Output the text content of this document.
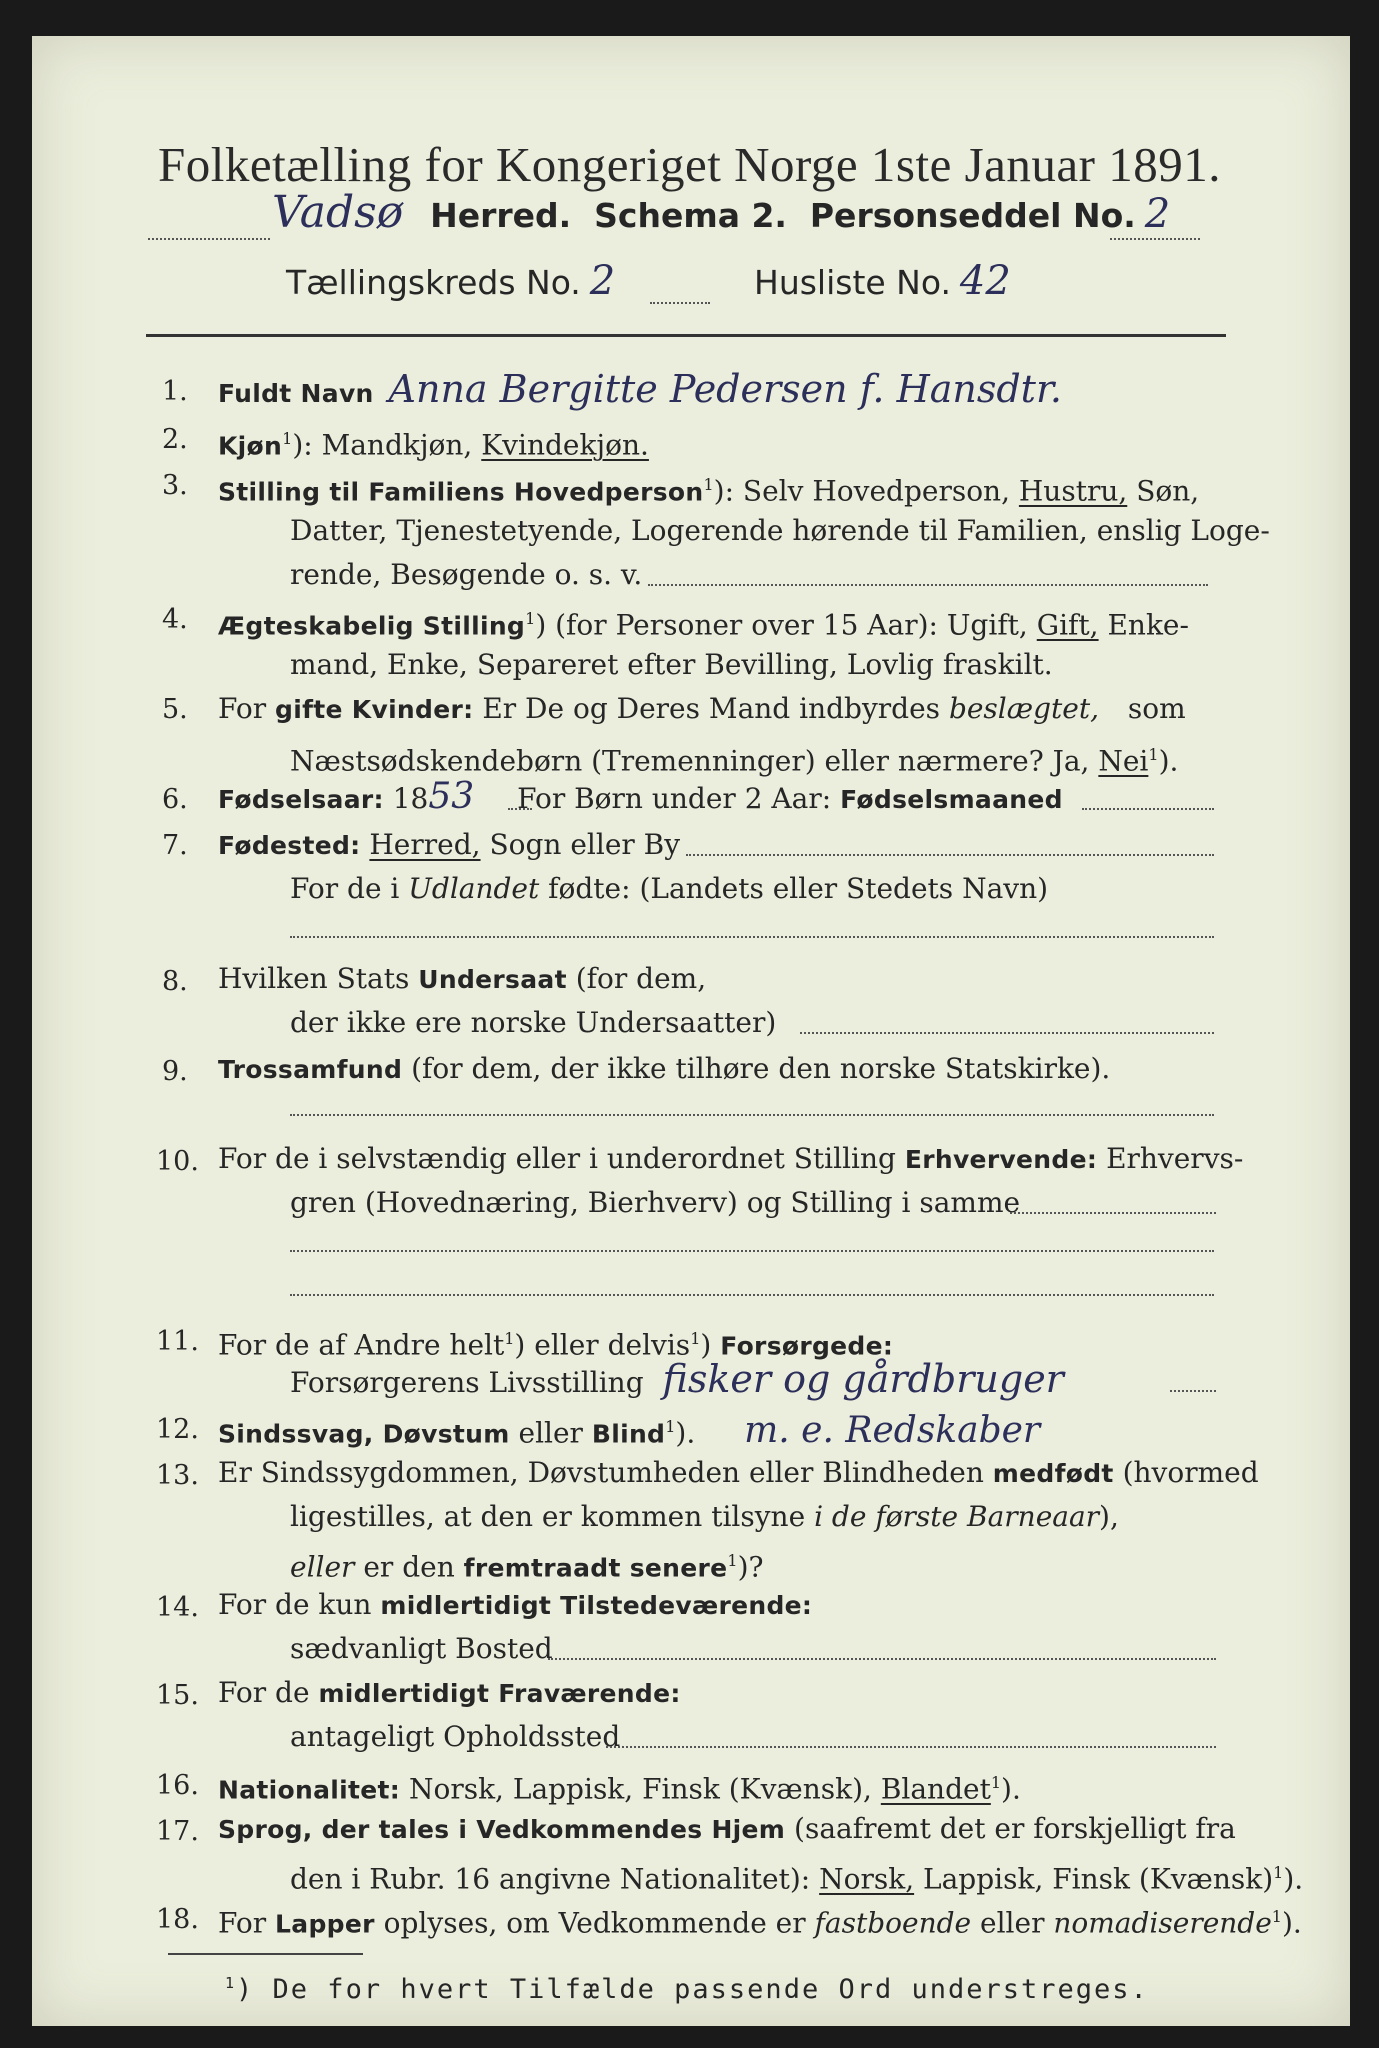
Folketælling for Kongeriget Norge 1ste Januar 1891.
Vadsø Herred. Schema 2. Personseddel No. 2
Tællingskreds No. 2	Husliste No. 42
1. Fuldt Navn Anna Bergitte Pedersen f. Hansdtr.
2. Kjøn$^1$): Mandkjøn, Kvindekjøn.
3. Stilling til Familiens Hovedperson$^1$): Selv Hovedperson, Hustru, Søn,
Datter, Tjenestetyende, Logerende hørende til Familien, enslig Loge-
rende, Besøgende o. s. v.
4. Ægteskabelig Stilling$^1$) (for Personer over 15 Aar): Ugift, Gift, Enke-
mand, Enke, Separeret efter Bevilling, Lovlig fraskilt.
5. For gifte Kvinder: Er De og Deres Mand indbyrdes beslægtet, som
Næstsødskendebørn (Tremenninger) eller nærmere? Ja, Nei$^1$).
6. Fødselsaar: 1853 For Børn under 2 Aar: Fødselsmaaned
7. Fødested: Herred, Sogn eller By
For de i Udlandet fødte: (Landets eller Stedets Navn)
8. Hvilken Stats Undersaat (for dem,
der ikke ere norske Undersaatter)
9. Trossamfund (for dem, der ikke tilhøre den norske Statskirke).
10. For de i selvstændig eller i underordnet Stilling Erhvervende: Erhvervs-
gren (Hovednæring, Bierhverv) og Stilling i samme
11. For de af Andre helt$^1$) eller delvis$^1$) Forsørgede:
Forsørgerens Livsstilling fisker og gårdbruger
12. Sindssvag, Døvstum eller Blind$^1$). m. e. Redskaber
13. Er Sindssygdommen, Døvstumheden eller Blindheden medfødt (hvormed
ligestilles, at den er kommen tilsyne i de første Barneaar),
eller er den fremtraadt senere$^1$)?
14. For de kun midlertidigt Tilstedeværende:
sædvanligt Bosted
15. For de midlertidigt Fraværende:
antageligt Opholdssted
16. Nationalitet: Norsk, Lappisk, Finsk (Kvænsk), Blandet$^1$).
17. Sprog, der tales i Vedkommendes Hjem (saafremt det er forskjelligt fra
den i Rubr. 16 angivne Nationalitet): Norsk, Lappisk, Finsk (Kvænsk)$^1$).
18. For Lapper oplyses, om Vedkommende er fastboende eller nomadiserende$^1$).
$^1$) De for hvert Tilfælde passende Ord understreges.
